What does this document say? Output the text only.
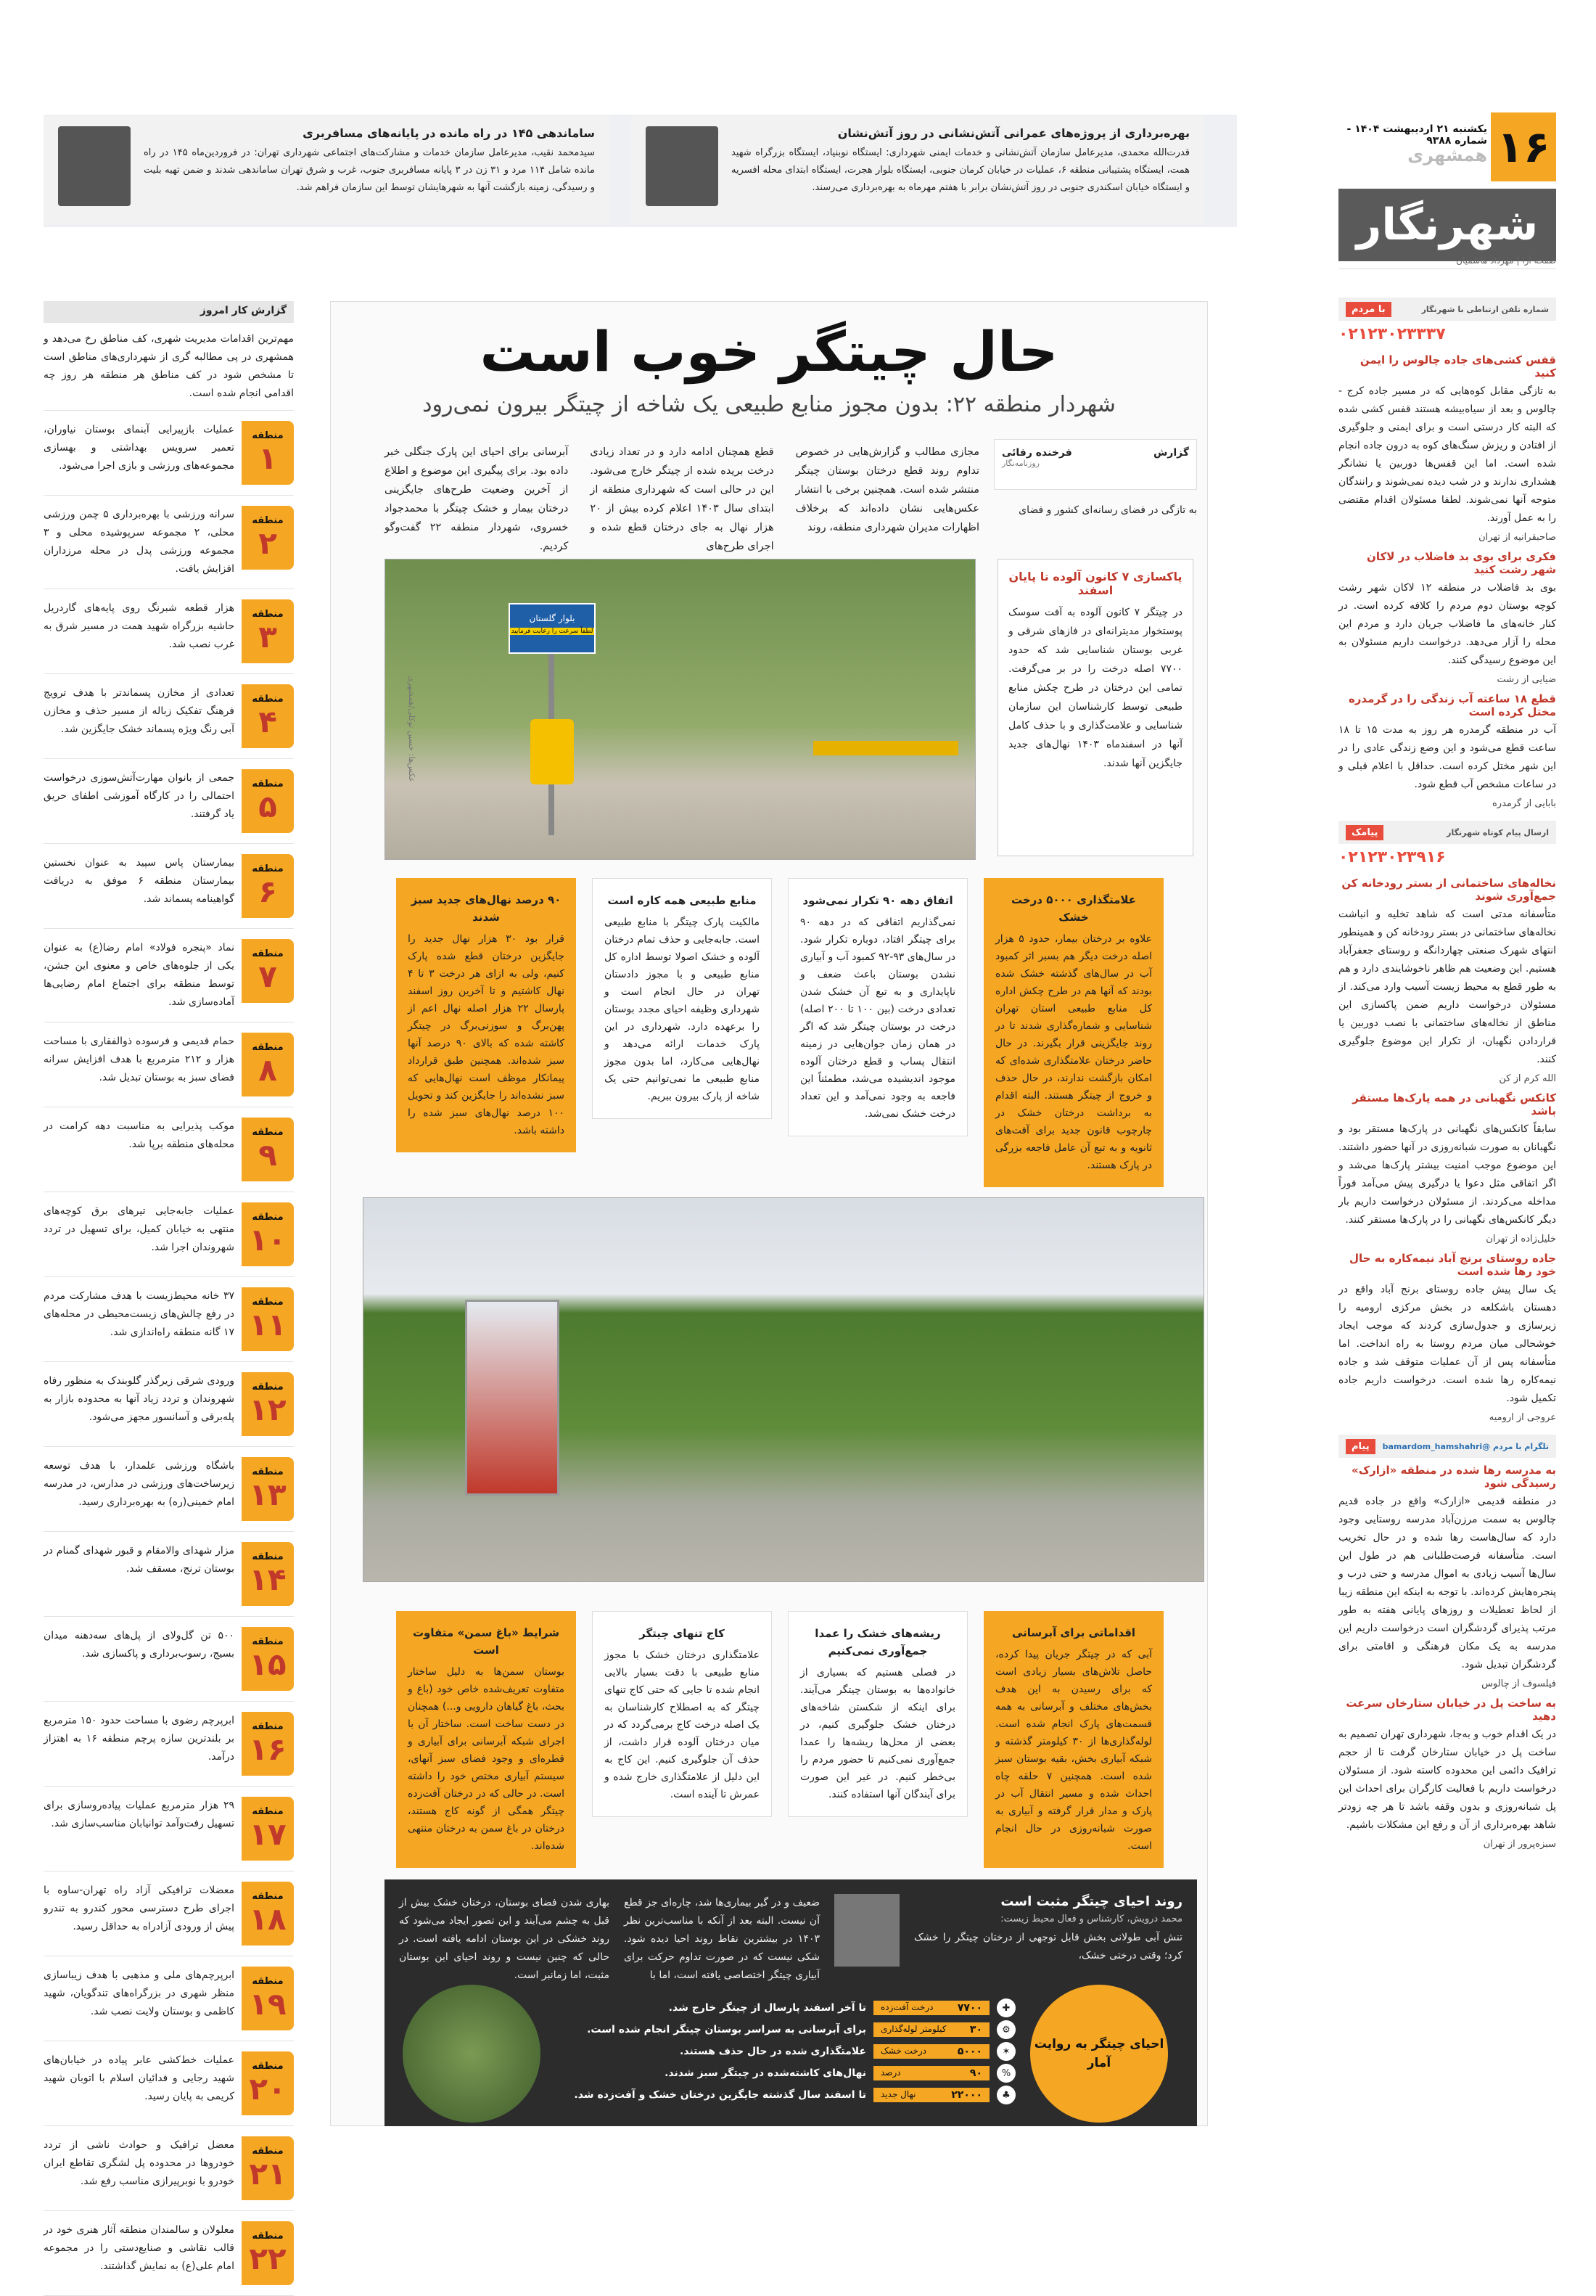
ساماندهی ۱۴۵ در راه مانده در پایانه‌های مسافربری

سیدمحمد نقیب، مدیرعامل سازمان خدمات و مشارکت‌های اجتماعی شهرداری تهران: در فروردین‌ماه ۱۴۵ در راه مانده شامل ۱۱۴ مرد و ۳۱ زن در ۳ پایانه مسافربری جنوب، غرب و شرق تهران ساماندهی شدند و ضمن تهیه بلیت و رسیدگی، زمینه بازگشت آنها به شهرهایشان توسط این سازمان فراهم شد.

بهره‌برداری از پروژه‌های عمرانی آتش‌نشانی در روز آتش‌نشان

قدرت‌الله محمدی، مدیرعامل سازمان آتش‌نشانی و خدمات ایمنی شهرداری: ایستگاه نوبنیاد، ایستگاه بزرگراه شهید همت، ایستگاه پشتیبانی منطقه ۶، عملیات در خیابان کرمان جنوبی، ایستگاه بلوار هجرت، ایستگاه ابتدای محله افسریه و ایستگاه خیابان اسکندری جنوبی در روز آتش‌نشان برابر با هفتم مهرماه به بهره‌برداری می‌رسند.

۱۶
یکشنبه ۲۱ اردیبهشت ۱۴۰۴ - شماره ۹۳۸۸
همشهری
شهرنگار
صفحه آرا | مهرداد هاشمیان
شماره تلفن ارتباطی با شهرنگار
با مردم
۰۲۱۲۳۰۲۳۳۳۷
قفس کشی‌های جاده چالوس را ایمن کنید

به تازگی مقابل کوه‌هایی که در مسیر جاده کرج - چالوس و بعد از سیاه‌بیشه هستند قفس کشی شده که البته کار درستی است و برای ایمنی و جلوگیری از افتادن و ریزش سنگ‌های کوه به درون جاده انجام شده است. اما این قفس‌ها دوربین یا نشانگر هشداری ندارند و در شب دیده نمی‌شوند و رانندگان متوجه آنها نمی‌شوند. لطفا مسئولان اقدام مقتضی را به عمل آورند.

صاحبقرانیه از تهران
فکری برای بوی بد فاضلاب در لاکان شهر رشت کنید

بوی بد فاضلاب در منطقه ۱۲ لاکان شهر رشت کوچه بوستان دوم مردم را کلافه کرده است. در کنار خانه‌های ما فاضلاب جریان دارد و مردم این محله را آزار می‌دهد. درخواست داریم مسئولان به این موضوع رسیدگی کنند.

ضیایی از رشت
قطع ۱۸ ساعته آب زندگی را در گرمدره مختل کرده است

آب در منطقه گرمدره هر روز به مدت ۱۵ تا ۱۸ ساعت قطع می‌شود و این وضع زندگی عادی را در این شهر مختل کرده است. حداقل با اعلام قبلی و در ساعات مشخص آب قطع شود.

بابایی از گرمدره
ارسال پیام کوتاه شهرنگار
پیامک
۰۲۱۲۳۰۲۳۹۱۶
نخاله‌های ساختمانی از بستر رودخانه کن جمع‌آوری شوند

متأسفانه مدتی است که شاهد تخلیه و انباشت نخاله‌های ساختمانی در بستر رودخانه کن و همینطور انتهای شهرک صنعتی چهاردانگه و روستای جعفرآباد هستیم. این وضعیت هم ظاهر ناخوشایندی دارد و هم به طور قطع به محیط زیست آسیب وارد می‌کند. از مسئولان درخواست داریم ضمن پاکسازی این مناطق از نخاله‌های ساختمانی با نصب دوربین یا قراردادن نگهبان، از تکرار این موضوع جلوگیری کنند.

الله کرم از کن
کانکس نگهبانی در همه پارک‌ها مستقر باشد

سابقاً کانکس‌های نگهبانی در پارک‌ها مستقر بود و نگهبانان به صورت شبانه‌روزی در آنها حضور داشتند. این موضوع موجب امنیت بیشتر پارک‌ها می‌شد و اگر اتفاقی مثل دعوا یا درگیری پیش می‌آمد فوراً مداخله می‌کردند. از مسئولان درخواست داریم بار دیگر کانکس‌های نگهبانی را در پارک‌ها مستقر کنند.

خلیل‌زاده از تهران
جاده روستای برنج آباد نیمه‌کاره به حال خود رها شده است

یک سال پیش جاده روستای برنج آباد واقع در دهستان باشکلعه در بخش مرکزی ارومیه را زیرسازی و جدول‌سازی کردند که موجب ایجاد خوشحالی میان مردم روستا به راه انداخت. اما متأسفانه پس از آن عملیات متوقف شد و جاده نیمه‌کاره رها شده است. درخواست داریم جاده تکمیل شود.

عروجی از ارومیه
تلگرام با مردم @bamardom_hamshahri
پیام
به مدرسه رها شده در منطقه «ازارک» رسیدگی شود

در منطقه قدیمی «ازارک» واقع در جاده قدیم چالوس به سمت مرزن‌آباد مدرسه روستایی وجود دارد که سال‌هاست رها شده و در حال تخریب است. متأسفانه فرصت‌طلبانی هم در طول این سال‌ها آسیب زیادی به اموال مدرسه و حتی درب و پنجره‌هایش کرده‌اند. با توجه به اینکه این منطقه زیبا از لحاظ تعطیلات و روزهای پایانی هفته به طور مرتب پذیرای گردشگران است درخواست داریم این مدرسه به یک مکان فرهنگی و اقامتی برای گردشگران تبدیل شود.

فیلسوف از چالوس
به ساخت پل در خیابان ستارخان سرعت دهید

در یک اقدام خوب و به‌جا، شهرداری تهران تصمیم به ساخت پل در خیابان ستارخان گرفت تا از حجم ترافیک دائمی این محدوده کاسته شود. از مسئولان درخواست داریم با فعالیت کارگران برای احداث این پل شبانه‌روزی و بدون وقفه باشد تا هر چه زودتر شاهد بهره‌برداری از آن و رفع این مشکلات باشیم.

سبزه‌پرور از تهران
گزارش کار امروز

مهم‌ترین اقدامات مدیریت شهری، کف مناطق رخ می‌دهد و همشهری در پی مطالبه گری از شهرداری‌های مناطق است تا مشخص شود در کف مناطق هر منطقه هر روز چه اقدامی انجام شده است.

منطقه
۱

عملیات بازپیرایی آبنمای بوستان نیاوران، تعمیر سرویس بهداشتی و بهسازی مجموعه‌های ورزشی و بازی اجرا می‌شود.

منطقه
۲

سرانه ورزشی با بهره‌برداری ۵ چمن ورزشی محلی، ۲ مجموعه سرپوشیده محلی و ۳ مجموعه ورزشی پدل در محله مرزداران افزایش یافت.

منطقه
۳

هزار قطعه شبرنگ روی پایه‌های گاردریل حاشیه بزرگراه شهید همت در مسیر شرق به غرب نصب شد.

منطقه
۴

تعدادی از مخازن پسماندتر با هدف ترویج فرهنگ تفکیک زباله از مسیر حذف و مخازن آبی رنگ ویژه پسماند خشک جایگزین شد.

منطقه
۵

جمعی از بانوان مهارت‌آتش‌سوزی درخواست احتمالی را در کارگاه آموزشی اطفای حریق یاد گرفتند.

منطقه
۶

بیمارستان پاس سپید به عنوان نخستین بیمارستان منطقه ۶ موفق به دریافت گواهینامه پسماند شد.

منطقه
۷

نماد «پنجره فولاد» امام رضا(ع) به عنوان یکی از جلوه‌های خاص و معنوی این جشن، توسط منطقه برای اجتماع امام رضایی‌ها آماده‌سازی شد.

منطقه
۸

حمام قدیمی و فرسوده ذوالفقاری با مساحت هزار و ۲۱۲ مترمربع با هدف افزایش سرانه فضای سبز به بوستان تبدیل شد.

منطقه
۹

موکب پذیرایی به مناسبت دهه کرامت در محله‌های منطقه برپا شد.

منطقه
۱۰

عملیات جابه‌جایی تیرهای برق کوچه‌های منتهی به خیابان کمیل، برای تسهیل در تردد شهروندان اجرا شد.

منطقه
۱۱

۳۷ خانه محیط‌زیست با هدف مشارکت مردم در رفع چالش‌های زیست‌محیطی در محله‌های ۱۷ گانه منطقه راه‌اندازی شد.

منطقه
۱۲

ورودی شرقی زیرگذر گلوبندک به منظور رفاه شهروندان و تردد زیاد آنها به محدوده بازار به پله‌برقی و آسانسور مجهز می‌شود.

منطقه
۱۳

باشگاه ورزشی علمدار، با هدف توسعه زیرساخت‌های ورزشی در مدارس، در مدرسه امام خمینی(ره) به بهره‌برداری رسید.

منطقه
۱۴

مزار شهدای والامقام و قبور شهدای گمنام در بوستان ترنج، مسقف شد.

منطقه
۱۵

۵۰۰ تن گل‌ولای از پل‌های سه‌دهنه میدان بسیج، رسوب‌برداری و پاکسازی شد.

منطقه
۱۶

ابرپرچم رضوی با مساحت حدود ۱۵۰ مترمربع بر بلندترین سازه پرچم منطقه ۱۶ به اهتزاز درآمد.

منطقه
۱۷

۲۹ هزار مترمربع عملیات پیاده‌روسازی برای تسهیل رفت‌وآمد توانیابان مناسب‌سازی شد.

منطقه
۱۸

معضلات ترافیکی آزاد راه تهران-ساوه با اجرای طرح دسترسی محور کندرو به تندرو پیش از ورودی آزادراه به حداقل رسید.

منطقه
۱۹

ابرپرچم‌های ملی و مذهبی با هدف زیباسازی منظر شهری در بزرگراه‌های تندگویان، شهید کاظمی و بوستان ولایت نصب شد.

منطقه
۲۰

عملیات خط‌کشی عابر پیاده در خیابان‌های شهید رجایی و فدائیان اسلام با اتوبان شهید کریمی به پایان رسید.

منطقه
۲۱

معضل ترافیک و حوادث ناشی از تردد خودروها در محدوده پل لشگری تقاطع ایران خودرو با نوبرپیرازی مناسب رفع شد.

منطقه
۲۲

معلولان و سالمندان منطقه آثار هنری خود در قالب نقاشی و صنایع‌دستی را در مجموعه امام علی(ع) به نمایش گذاشتند.

حال چیتگر خوب است
شهردار منطقه ۲۲: بدون مجوز منابع طبیعی یک شاخه از چیتگر بیرون نمی‌رود
گزارش
فرخنده رفائی
روزنامه‌نگار

به تازگی در فضای رسانه‌ای کشور و فضای

مجازی مطالب و گزارش‌هایی در خصوص تداوم روند قطع درختان بوستان چیتگر منتشر شده است. همچنین برخی با انتشار عکس‌هایی نشان داده‌اند که برخلاف اظهارات مدیران شهرداری منطقه، روند

قطع همچنان ادامه دارد و در تعداد زیادی درخت بریده شده از چیتگر خارج می‌شود. این در حالی است که شهرداری منطقه از ابتدای سال ۱۴۰۳ اعلام کرده بیش از ۲۰ هزار نهال به جای درختان قطع شده و اجرای طرح‌های

آبرسانی برای احیای این پارک جنگلی خبر داده بود. برای پیگیری این موضوع و اطلاع از آخرین وضعیت طرح‌های جایگزینی درختان بیمار و خشک چیتگر با محمدجواد خسروی، شهردار منطقه ۲۲ گفت‌وگو کردیم.

بلوار گلستان
لطفاً سرعت را رعایت فرمایید
عکس‌ها: حسین توکلی/همشهری
پاکسازی ۷ کانون آلوده تا پایان اسفند

در چیتگر ۷ کانون آلوده به آفت سوسک پوستخوار مدیترانه‌ای در فازهای شرقی و غربی بوستان شناسایی شد که حدود ۷۷۰۰ اصله درخت را در بر می‌گرفت. تمامی این درختان در طرح چکش منابع طبیعی توسط کارشناسان این سازمان شناسایی و علامت‌گذاری و با حذف کامل آنها در اسفندماه ۱۴۰۳ نهال‌های جدید جایگزین آنها شدند.

علامتگذاری ۵۰۰۰ درخت خشک
علاوه بر درختان بیمار، حدود ۵ هزار اصله درخت دیگر هم بسبر اثر کمبود آب در سال‌های گذشته خشک شده بودند که آنها هم در طرح چکش اداره کل منابع طبیعی استان تهران شناسایی و شماره‌گذاری شدند تا در روند جایگزینی قرار بگیرند. در حال حاضر درختان علامتگذاری شده‌ای که امکان بازگشت ندارند، در حال حذف و خروج از چیتگر هستند. البته اقدام به برداشت درختان خشک در چارچوب قانون جدید برای آفت‌های ثانویه و به تبع آن عامل فاجعه بزرگی در پارک هستند.
اتفاق دهه ۹۰ تکرار نمی‌شود
نمی‌گذاریم اتفاقی که در دهه ۹۰ برای چیتگر افتاد، دوباره تکرار شود. در سال‌های ۹۳-۹۲ کمبود آب و آبیاری نشدن بوستان باعث ضعف و ناپایداری و به تبع آن خشک شدن تعدادی درخت (بین ۱۰۰ تا ۲۰۰ اصله) درخت در بوستان چیتگر شد که اگر در همان زمان جوان‌هایی در زمینه انتقال پساب و قطع درختان آلوده موجود اندیشیده می‌شد، مطمئناً این فاجعه به وجود نمی‌آمد و این تعداد درخت خشک نمی‌شد.
منابع طبیعی همه کاره است
مالکیت پارک چیتگر با منابع طبیعی است. جابه‌جایی و حذف تمام درختان آلوده و خشک اصولا توسط اداره کل منابع طبیعی و با مجوز دادستان تهران در حال انجام است و شهرداری وظیفه احیای مجدد بوستان را برعهده دارد. شهرداری در این پارک خدمات ارائه می‌دهد و نهال‌هایی می‌کارد، اما بدون مجوز منابع طبیعی ما نمی‌توانیم حتی یک شاخه از پارک بیرون ببریم.
۹۰ درصد نهال‌های جدید سبز شدند
قرار بود ۳۰ هزار نهال جدید را جایگزین درختان قطع شده پارک کنیم، ولی به ازای هر درخت ۳ تا ۴ نهال کاشتیم و تا آخرین روز اسفند پارسال ۲۲ هزار اصله نهال اعم از پهن‌برگ و سوزنی‌برگ در چیتگر کاشته شده که بالای ۹۰ درصد آنها سبز شده‌اند. همچنین طبق قرارداد پیمانکار موظف است نهال‌هایی که سبز نشده‌اند را جایگزین کند و تحویل ۱۰۰ درصد نهال‌های سبز شده را داشته باشد.
اقداماتی برای آبرسانی
آبی که در چیتگر جریان پیدا کرده، حاصل تلاش‌های بسیار زیادی است که برای رسیدن به این هدف بخش‌های مختلف و آبرسانی به همه قسمت‌های پارک انجام شده است. لوله‌گذاری‌ها از ۳۰ کیلومتر گذشته و شبکه آبیاری بخش، بقیه بوستان سبز شده است. همچنین ۷ حلقه چاه احداث شده و مسیر انتقال آب در پارک و مدار قرار گرفته و آبیاری به صورت شبانه‌روزی در حال انجام است.
ریشه‌های خشک را عمدا جمع‌آوری نمی‌کنیم
در فصلی هستیم که بسیاری از خانواده‌ها به بوستان چیتگر می‌آیند. برای اینکه از شکستن شاخه‌های درختان خشک جلوگیری کنیم، در بعضی از محل‌ها ریشه‌ها را عمدا جمع‌آوری نمی‌کنیم تا حضور مردم را بی‌خطر کنیم. در غیر این صورت برای آیندگان آنها استفاده کنند.
کاج تنهای چیتگر
علامتگذاری درختان خشک با مجوز منابع طبیعی با دقت بسیار بالایی انجام شده تا جایی که حتی کاج تنهای چیتگر که به اصطلاح کارشناسان به یک اصله درخت کاج برمی‌گردد که در میان درختان آلوده قرار داشت، از حذف آن جلوگیری کنیم. این کاج به این دلیل از علامتگذاری خارج شده و عمرش تا آینده است.
شرایط «باغ سمن» متفاوت است
بوستان سمن‌ها به دلیل ساختار متفاوت تعریف‌شده خاص خود (باغ و بحث، باغ گیاهان دارویی و...) همچنان در دست ساخت است. ساختار آن با اجرای شبکه آبرسانی برای آبیاری و قطره‌ای و وجود فضای سبز آنهای، سیستم آبیاری مختص خود را داشته است. در حالی که در درختان آفت‌زده چیتگر همگی از گونه کاج هستند، درختان در باغ سمن به درختان منتهی شده‌اند.
روند احیای چیتگر مثبت است
محمد درویش، کارشناس و فعال محیط زیست:

تنش آبی طولانی بخش قابل توجهی از درختان چیتگر را خشک کرد؛ وقتی درختی خشک،

ضعیف و در گیر بیماری‌ها شد، چاره‌ای جز قطع آن نیست. البته بعد از آنکه با مناسب‌ترین نظر ۱۴۰۳ در بیشترین نقاط روند احیا دیده شود. شکی نیست که در صورت تداوم حرکت برای آبیاری چیتگر اختصاصی یافته است، اما با

بهاری شدن فضای بوستان، درختان خشک بیش از قبل به چشم می‌آیند و این تصور ایجاد می‌شود که روند خشکی در این بوستان ادامه یافته است. در حالی که چنین نیست و روند احیای این بوستان مثبت، اما زمانبر است.

احیای چیتگر به روایت آمار
✚
۷۷۰۰
درخت آفت‌زده
تا آخر اسفند پارسال از چیتگر خارج شد.
⚙
۳۰
کیلومتر لوله‌گذاری
برای آبرسانی به سراسر بوستان چیتگر انجام شده است.
✶
۵۰۰۰
درخت خشک
علامتگذاری شده در حال حذف هستند.
%
۹۰
درصد
نهال‌های کاشته‌شده در چیتگر سبز شدند.
♣
۲۲۰۰۰
نهال جدید
تا اسفند سال گذشته جایگزین درختان خشک و آفت‌زده شد.
